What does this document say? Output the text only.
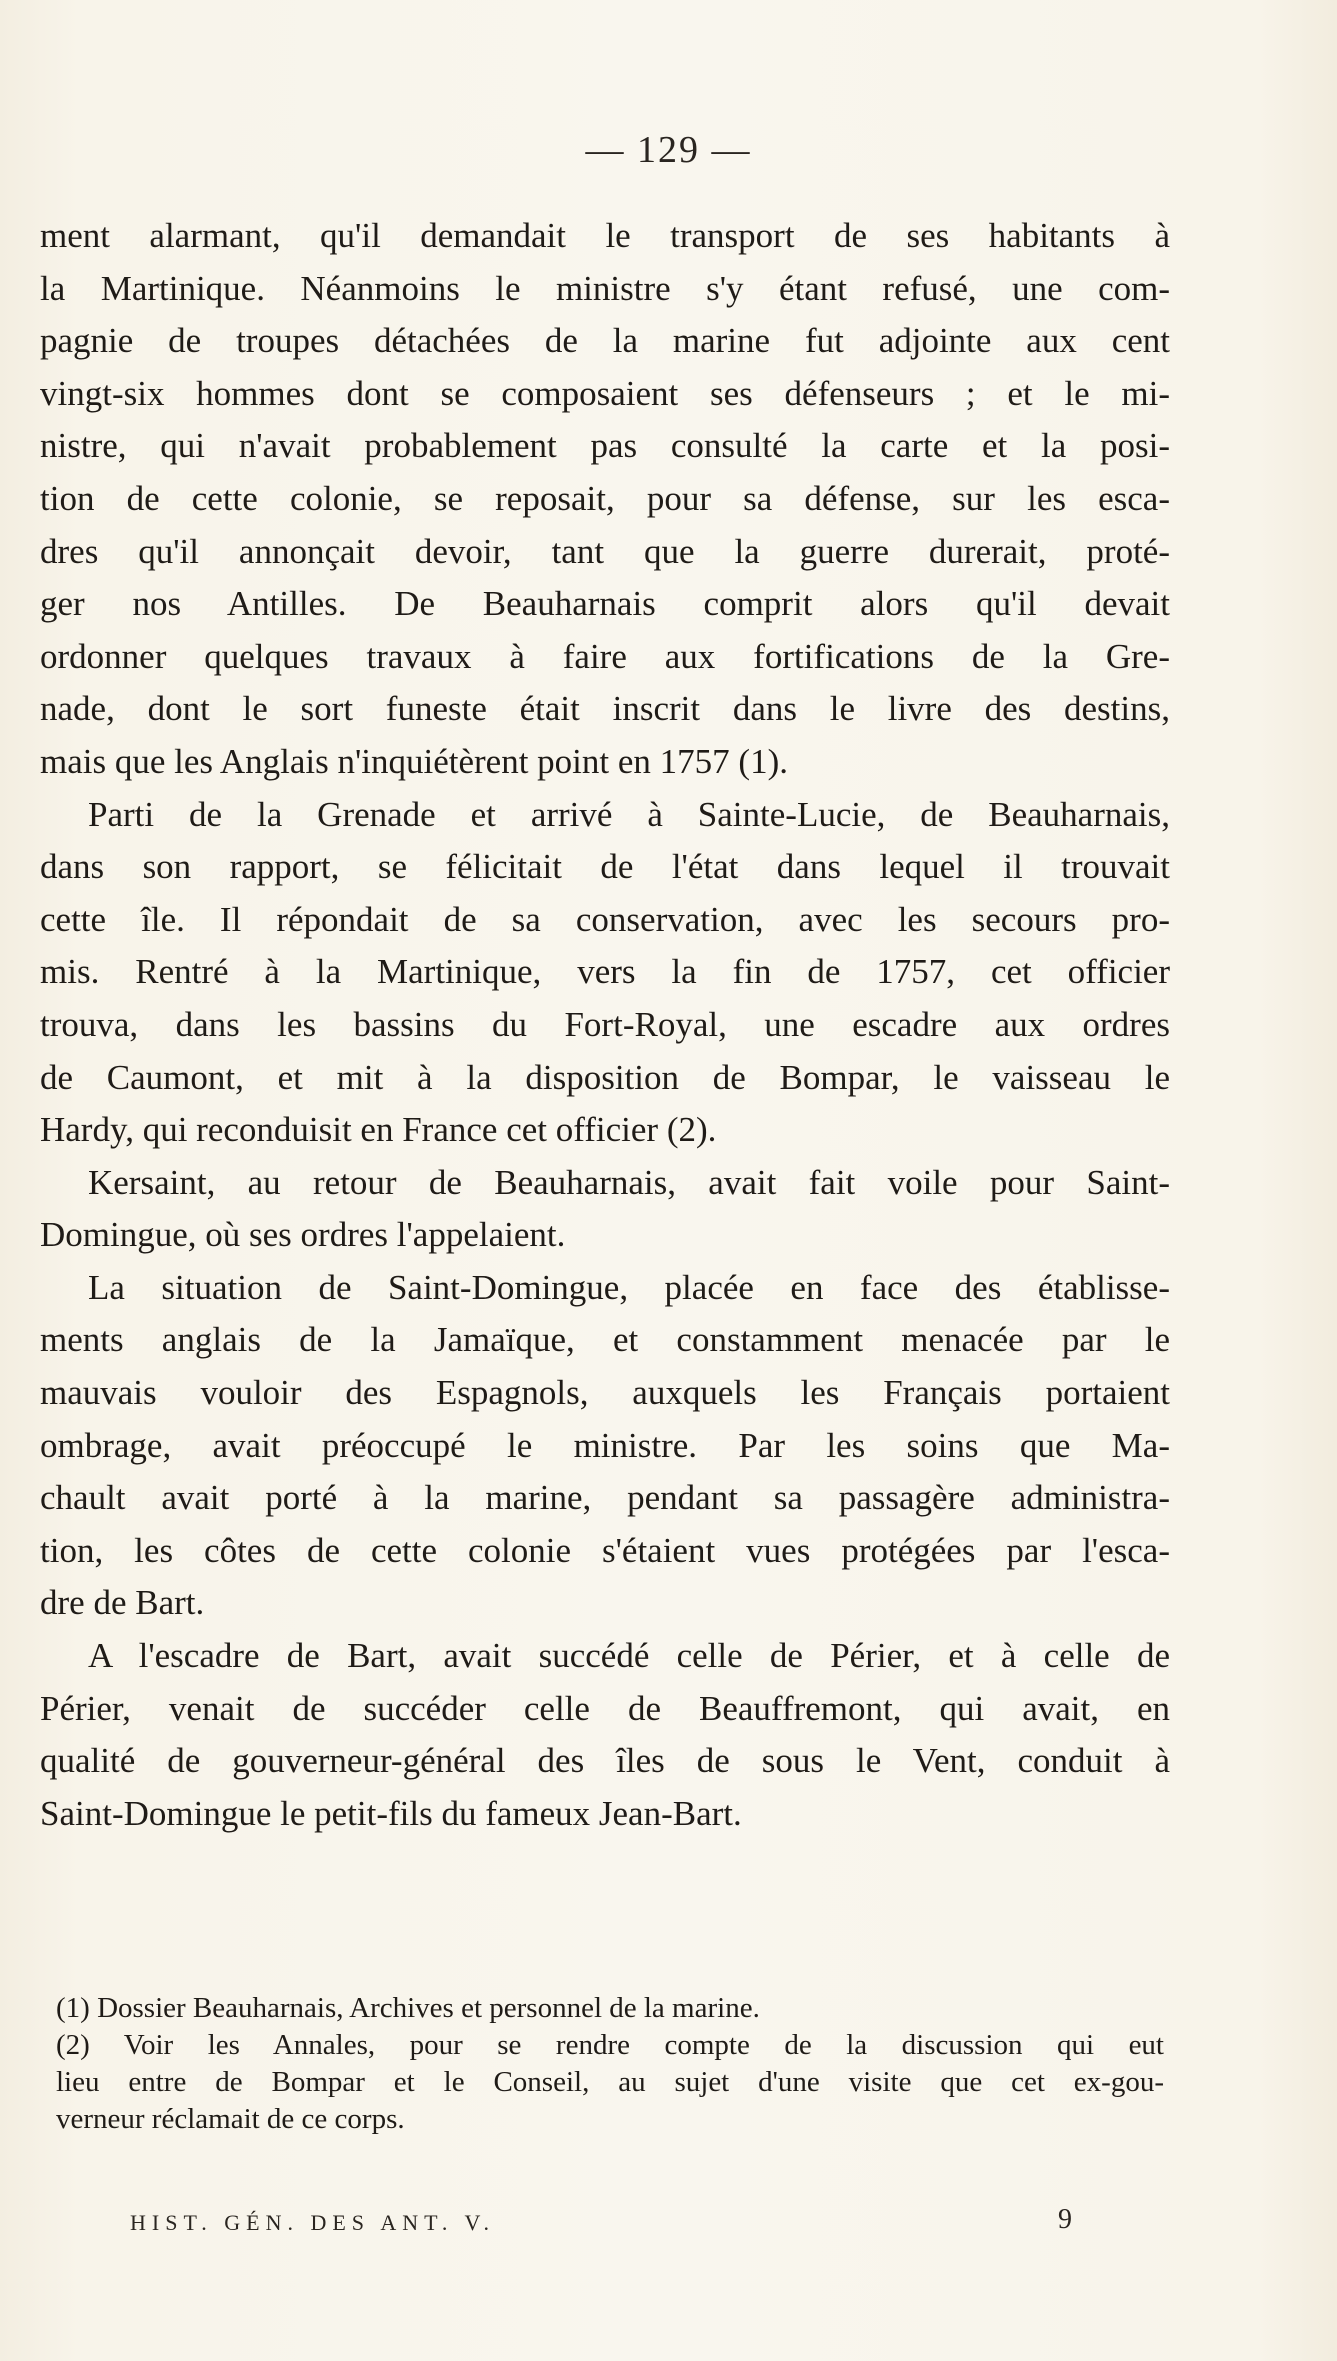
— 129 —
ment alarmant, qu'il demandait le transport de ses habitants à
la Martinique. Néanmoins le ministre s'y étant refusé, une com-
pagnie de troupes détachées de la marine fut adjointe aux cent
vingt-six hommes dont se composaient ses défenseurs ; et le mi-
nistre, qui n'avait probablement pas consulté la carte et la posi-
tion de cette colonie, se reposait, pour sa défense, sur les esca-
dres qu'il annonçait devoir, tant que la guerre durerait, proté-
ger nos Antilles. De Beauharnais comprit alors qu'il devait
ordonner quelques travaux à faire aux fortifications de la Gre-
nade, dont le sort funeste était inscrit dans le livre des destins,
mais que les Anglais n'inquiétèrent point en 1757 (1).
Parti de la Grenade et arrivé à Sainte-Lucie, de Beauharnais,
dans son rapport, se félicitait de l'état dans lequel il trouvait
cette île. Il répondait de sa conservation, avec les secours pro-
mis. Rentré à la Martinique, vers la fin de 1757, cet officier
trouva, dans les bassins du Fort-Royal, une escadre aux ordres
de Caumont, et mit à la disposition de Bompar, le vaisseau le
Hardy, qui reconduisit en France cet officier (2).
Kersaint, au retour de Beauharnais, avait fait voile pour Saint-
Domingue, où ses ordres l'appelaient.
La situation de Saint-Domingue, placée en face des établisse-
ments anglais de la Jamaïque, et constamment menacée par le
mauvais vouloir des Espagnols, auxquels les Français portaient
ombrage, avait préoccupé le ministre. Par les soins que Ma-
chault avait porté à la marine, pendant sa passagère administra-
tion, les côtes de cette colonie s'étaient vues protégées par l'esca-
dre de Bart.
A l'escadre de Bart, avait succédé celle de Périer, et à celle de
Périer, venait de succéder celle de Beauffremont, qui avait, en
qualité de gouverneur-général des îles de sous le Vent, conduit à
Saint-Domingue le petit-fils du fameux Jean-Bart.
(1) Dossier Beauharnais, Archives et personnel de la marine.
(2) Voir les Annales, pour se rendre compte de la discussion qui eut
lieu entre de Bompar et le Conseil, au sujet d'une visite que cet ex-gou-
verneur réclamait de ce corps.
HIST. GÉN. DES ANT. V.	9
